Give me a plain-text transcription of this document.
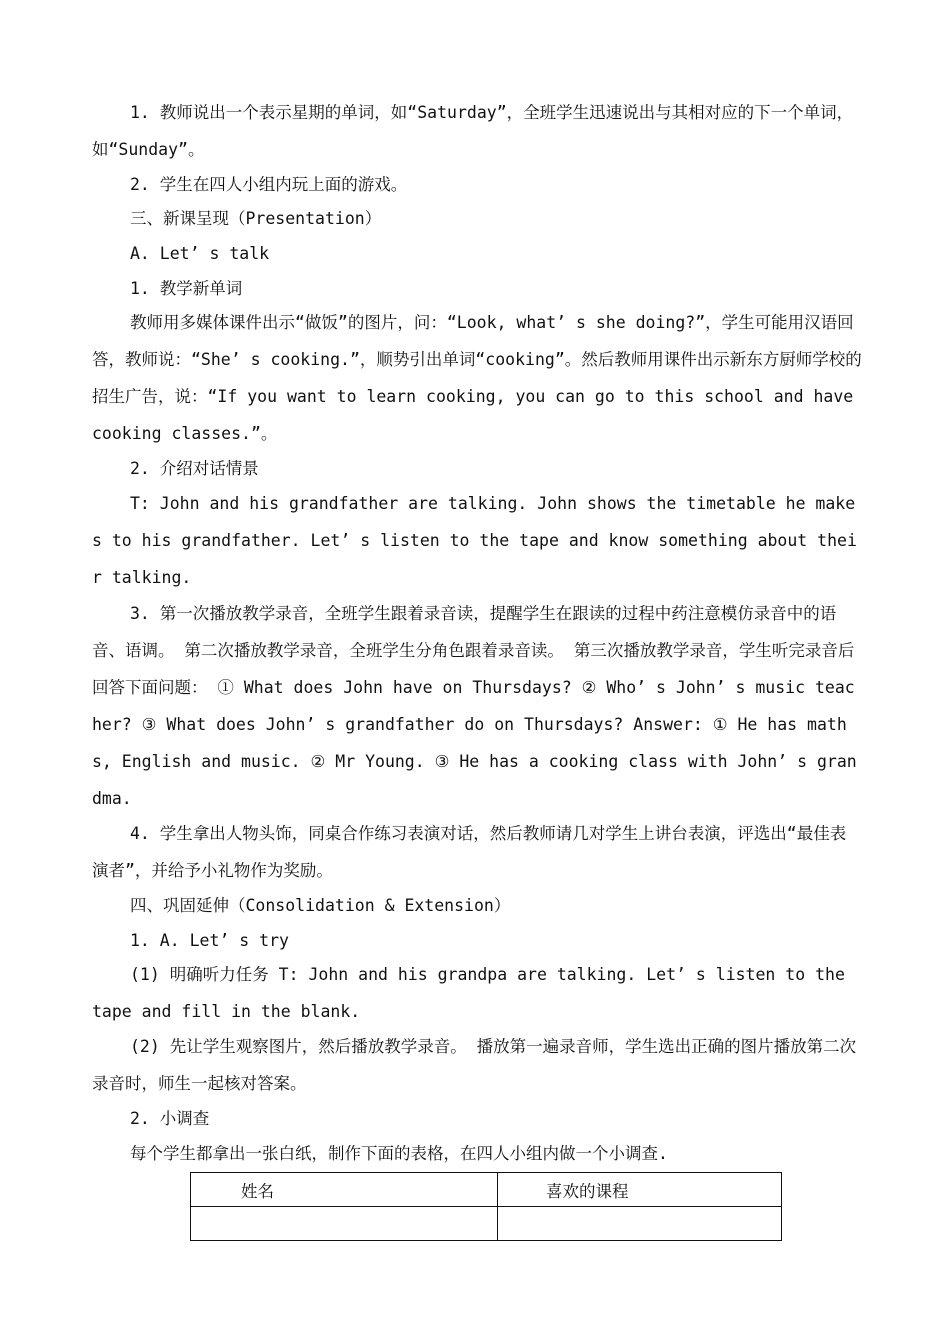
1. 教师说出一个表示星期的单词，如“Saturday”，全班学生迅速说出与其相对应的下一个单词，如“Sunday”。

2. 学生在四人小组内玩上面的游戏。

三、新课呈现（Presentation）

A. Let’ s talk

1. 教学新单词

教师用多媒体课件出示“做饭”的图片，问：“Look, what’ s she doing?”，学生可能用汉语回答，教师说：“She’ s cooking.”，顺势引出单词“cooking”。然后教师用课件出示新东方厨师学校的招生广告，说：“If you want to learn cooking, you can go to this school and have cooking classes.”。

2. 介绍对话情景

T: John and his grandfather are talking. John shows the timetable he makes to his grandfather. Let’ s listen to the tape and know something about their talking.

3. 第一次播放教学录音，全班学生跟着录音读，提醒学生在跟读的过程中药注意模仿录音中的语音、语调。 第二次播放教学录音，全班学生分角色跟着录音读。 第三次播放教学录音，学生听完录音后回答下面问题： ① What does John have on Thursdays? ② Who’ s John’ s music teacher? ③ What does John’ s grandfather do on Thursdays? Answer: ① He has maths, English and music. ② Mr Young. ③ He has a cooking class with John’ s grandma.

4. 学生拿出人物头饰，同桌合作练习表演对话，然后教师请几对学生上讲台表演，评选出“最佳表演者”，并给予小礼物作为奖励。

四、巩固延伸（Consolidation & Extension）

1. A. Let’ s try

(1) 明确听力任务 T: John and his grandpa are talking. Let’ s listen to the tape and fill in the blank.

(2) 先让学生观察图片，然后播放教学录音。 播放第一遍录音师，学生选出正确的图片播放第二次录音时，师生一起核对答案。

2. 小调查

每个学生都拿出一张白纸，制作下面的表格，在四人小组内做一个小调查.

姓名	喜欢的课程
